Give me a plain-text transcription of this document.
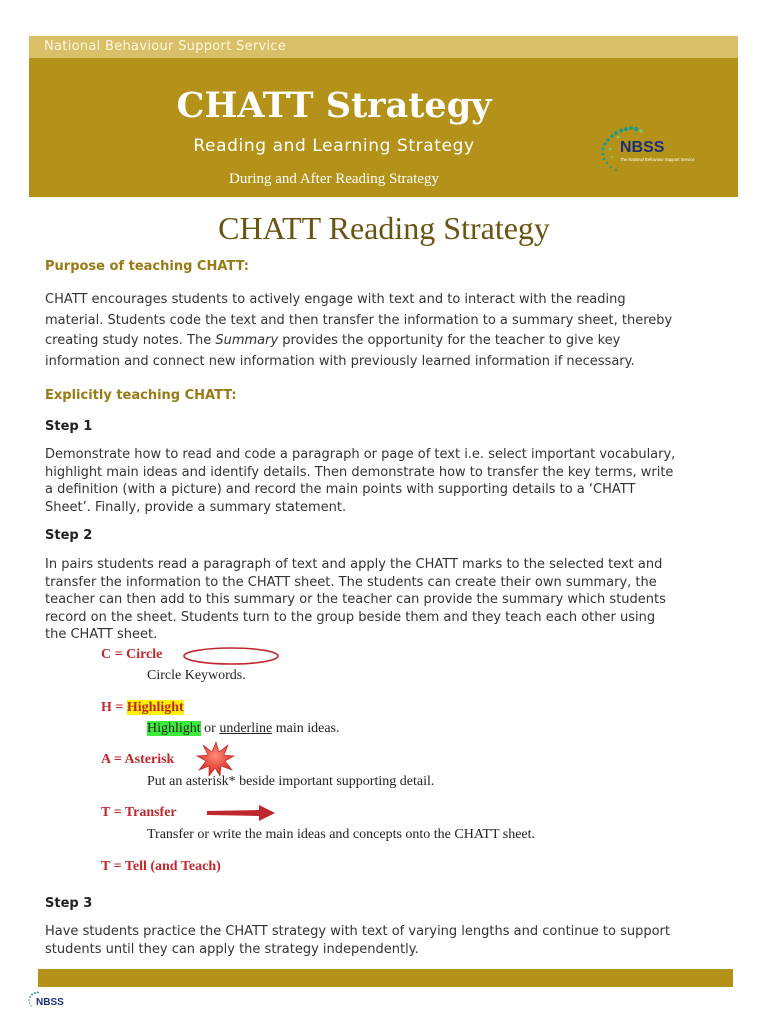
National Behaviour Support Service
CHATT Strategy
Reading and Learning Strategy
During and After Reading Strategy
NBSS
The National Behaviour Support Service
CHATT Reading Strategy
Purpose of teaching CHATT:
CHATT encourages students to actively engage with text and to interact with the reading
material. Students code the text and then transfer the information to a summary sheet, thereby
creating study notes. The Summary provides the opportunity for the teacher to give key
information and connect new information with previously learned information if necessary.
Explicitly teaching CHATT:
Step 1
Demonstrate how to read and code a paragraph or page of text i.e. select important vocabulary,
highlight main ideas and identify details. Then demonstrate how to transfer the key terms, write
a definition (with a picture) and record the main points with supporting details to a ‘CHATT
Sheet’. Finally, provide a summary statement.
Step 2
In pairs students read a paragraph of text and apply the CHATT marks to the selected text and
transfer the information to the CHATT sheet. The students can create their own summary, the
teacher can then add to this summary or the teacher can provide the summary which students
record on the sheet. Students turn to the group beside them and they teach each other using
the CHATT sheet.
C = Circle
Circle Keywords.
H = Highlight
Highlight or underline main ideas.
A = Asterisk
Put an asterisk* beside important supporting detail.
T = Transfer
Transfer or write the main ideas and concepts onto the CHATT sheet.
T = Tell (and Teach)
Step 3
Have students practice the CHATT strategy with text of varying lengths and continue to support
students until they can apply the strategy independently.
NBSS
